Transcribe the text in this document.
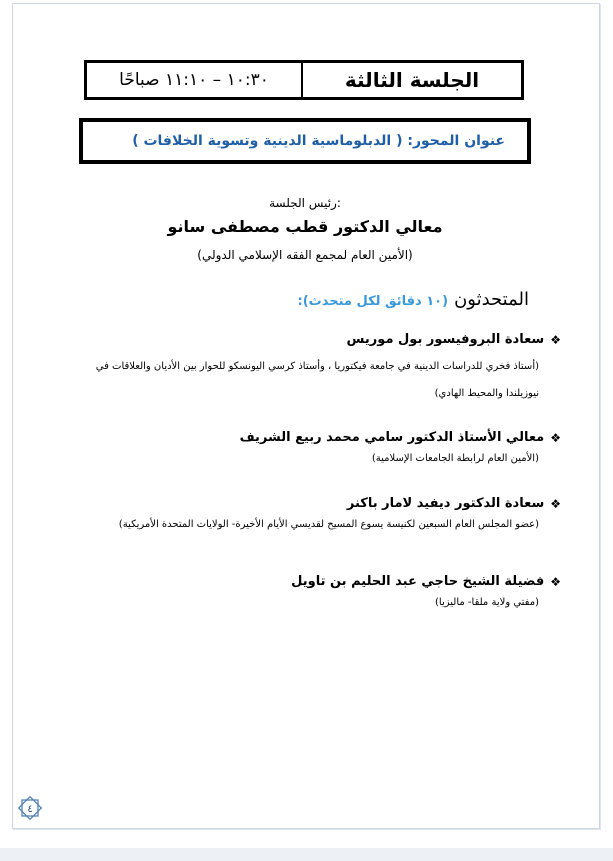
الجلسة الثالثة
١٠:٣٠ – ١١:١٠ صباحًا
عنوان المحور: ( الدبلوماسية الدينية وتسوية الخلافات )
رئيس الجلسة:
معالي الدكتور قطب مصطفى سانو
(الأمين العام لمجمع الفقه الإسلامي الدولي)
المتحدثون
(١٠ دقائق لكل متحدث):
❖
سعادة البروفيسور بول موريس
(أستاذ فخري للدراسات الدينية في جامعة فيكتوريا ، وأستاذ كرسي اليونسكو للحوار بين الأديان والعلاقات في
نيوزيلندا والمحيط الهادي)
❖
معالي الأستاذ الدكتور سامي محمد ربيع الشريف
(الأمين العام لرابطة الجامعات الإسلامية)
❖
سعادة الدكتور ديفيد لامار باكنر
(عضو المجلس العام السبعين لكنيسة يسوع المسيح لقديسي الأيام الأخيرة- الولايات المتحدة الأمريكية)
❖
فضيلة الشيخ حاجي عبد الحليم بن تاويل
(مفتي ولاية ملقا- ماليزيا)
٤
